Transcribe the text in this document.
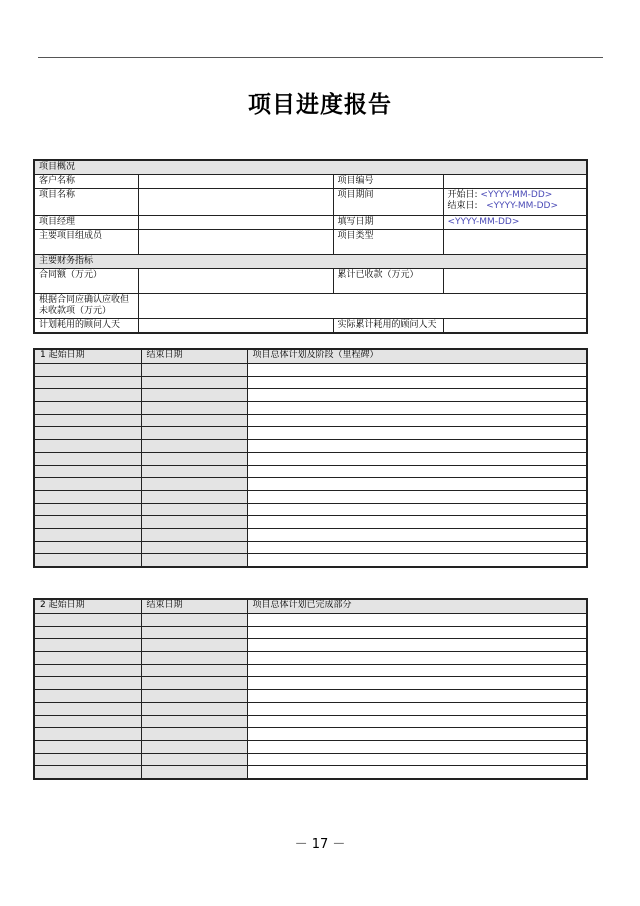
项目进度报告
项目概况			
客户名称		项目编号	
项目名称		项目期间	开始日: <YYYY-MM-DD>
结束日: <YYYY-MM-DD>

项目经理		填写日期	<YYYY-MM-DD>
主要项目组成员		项目类型	
主要财务指标			
合同额（万元）		累计已收款（万元）	

根据合同应确认应收但
未收款项（万元）			

计划耗用的顾问人天		实际累计耗用的顾问人天	
1 起始日期	结束日期	项目总体计划及阶段（里程碑）

2 起始日期	结束日期	项目总体计划已完成部分

－ 17 －
